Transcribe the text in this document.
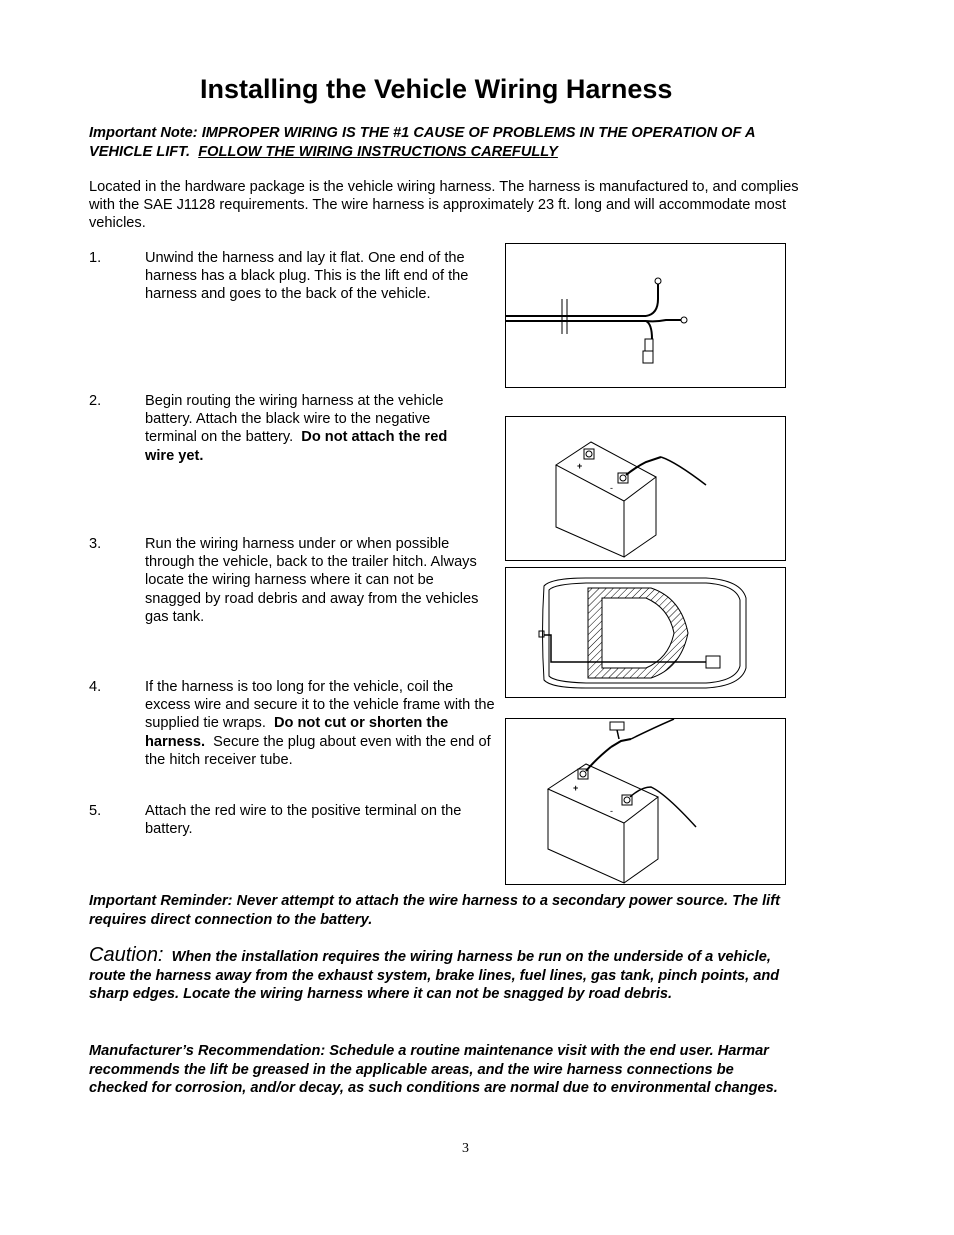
Installing the Vehicle Wiring Harness
Important Note: IMPROPER WIRING IS THE #1 CAUSE OF PROBLEMS IN THE OPERATION OF A VEHICLE LIFT. FOLLOW THE WIRING INSTRUCTIONS CAREFULLY
Located in the hardware package is the vehicle wiring harness. The harness is manufactured to, and complies with the SAE J1128 requirements. The wire harness is approximately 23 ft. long and will accommodate most vehicles.
1.	Unwind the harness and lay it flat. One end of the harness has a black plug. This is the lift end of the harness and goes to the back of the vehicle.
2.	Begin routing the wiring harness at the vehicle battery. Attach the black wire to the negative terminal on the battery. Do not attach the red wire yet.
3.	Run the wiring harness under or when possible through the vehicle, back to the trailer hitch. Always locate the wiring harness where it can not be snagged by road debris and away from the vehicles gas tank.
4.	If the harness is too long for the vehicle, coil the excess wire and secure it to the vehicle frame with the supplied tie wraps. Do not cut or shorten the harness. Secure the plug about even with the end of the hitch receiver tube.
5.	Attach the red wire to the positive terminal on the battery.
+
-
+
-
Important Reminder: Never attempt to attach the wire harness to a secondary power source. The lift requires direct connection to the battery.
Caution: When the installation requires the wiring harness be run on the underside of a vehicle, route the harness away from the exhaust system, brake lines, fuel lines, gas tank, pinch points, and sharp edges. Locate the wiring harness where it can not be snagged by road debris.
Manufacturer’s Recommendation: Schedule a routine maintenance visit with the end user. Harmar recommends the lift be greased in the applicable areas, and the wire harness connections be checked for corrosion, and/or decay, as such conditions are normal due to environmental changes.
3
